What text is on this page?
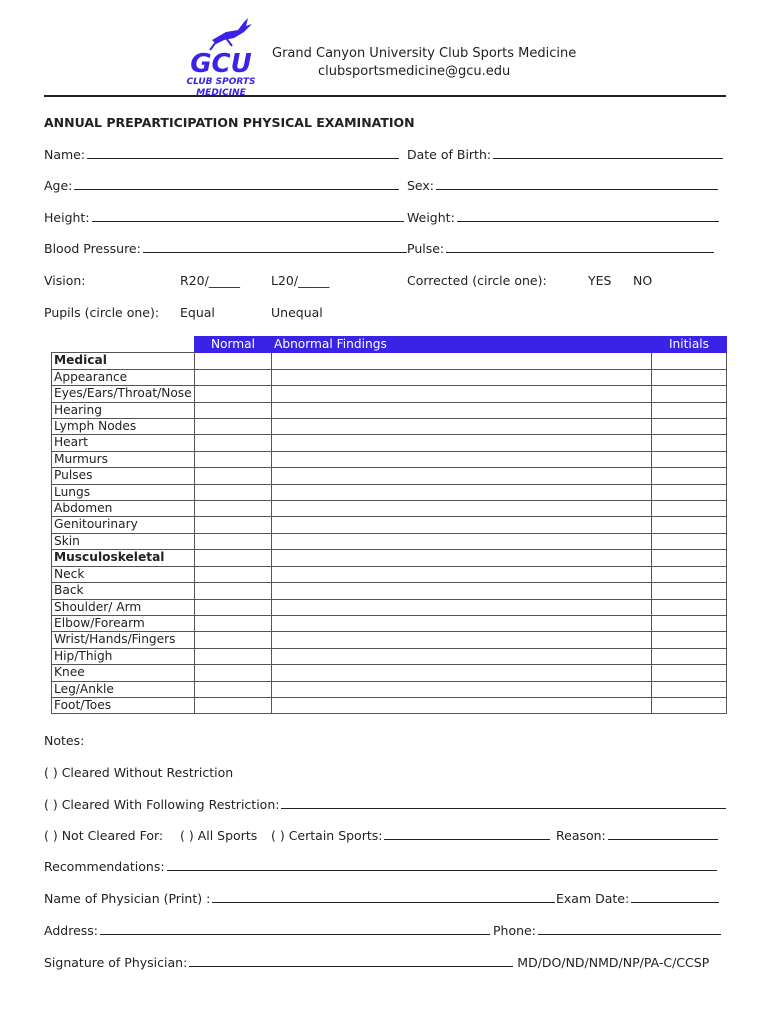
GCU
CLUB SPORTS
MEDICINE
Grand Canyon University Club Sports Medicine
clubsportsmedicine@gcu.edu
ANNUAL PREPARTICIPATION PHYSICAL EXAMINATION
Name:	Date of Birth:
Age:	Sex:
Height:	Weight:
Blood Pressure:	Pulse:
Vision:	R20/_____ L20/_____	Corrected (circle one):	YES NO
Pupils (circle one): Equal	Unequal
	Normal	Abnormal Findings	Initials
Medical			
Appearance			
Eyes/Ears/Throat/Nose			
Hearing			
Lymph Nodes			
Heart			
Murmurs			
Pulses			
Lungs			
Abdomen			
Genitourinary			
Skin			
Musculoskeletal			
Neck			
Back			
Shoulder/ Arm			
Elbow/Forearm			
Wrist/Hands/Fingers			
Hip/Thigh			
Knee			
Leg/Ankle			
Foot/Toes			
Notes:
( ) Cleared Without Restriction
( ) Cleared With Following Restriction:
( ) Not Cleared For: ( ) All Sports ( ) Certain Sports:	Reason:
Recommendations:
Name of Physician (Print) :	Exam Date:
Address:	Phone:
Signature of Physician:	MD/DO/ND/NMD/NP/PA-C/CCSP
